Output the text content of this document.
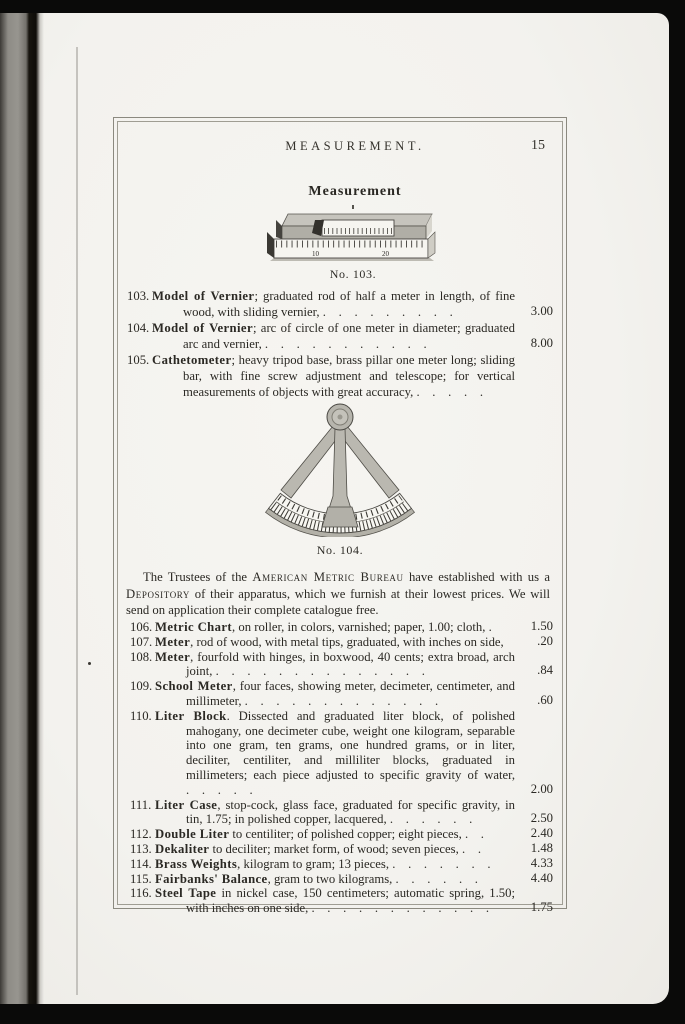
MEASUREMENT.	15
Measurement
10	20
No. 103.
103. Model of Vernier; graduated rod of half a meter in length, of fine wood, with sliding vernier, . . . . . . . . .	3.00
104. Model of Vernier; arc of circle of one meter in diameter; graduated arc and vernier, . . . . . . . . . . .	8.00
105. Cathetometer; heavy tripod base, brass pillar one meter long; sliding bar, with fine screw adjustment and telescope; for vertical measurements of objects with great accuracy, . . . . .
No. 104.
The Trustees of the American Metric Bureau have established with us a Depository of their apparatus, which we furnish at their lowest prices. We will send on application their complete catalogue free.
106. Metric Chart, on roller, in colors, varnished; paper, 1.00; cloth, .	1.50
107. Meter, rod of wood, with metal tips, graduated, with inches on side,	.20
108. Meter, fourfold with hinges, in boxwood, 40 cents; extra broad, arch joint, . . . . . . . . . . . . . .	.84
109. School Meter, four faces, showing meter, decimeter, centimeter, and millimeter, . . . . . . . . . . . . .	.60
110. Liter Block. Dissected and graduated liter block, of polished mahogany, one decimeter cube, weight one kilogram, separable into one gram, ten grams, one hundred grams, or in liter, deciliter, centiliter, and milliliter blocks, graduated in millimeters; each piece adjusted to specific gravity of water, . . . . .	2.00
111. Liter Case, stop-cock, glass face, graduated for specific gravity, in tin, 1.75; in polished copper, lacquered, . . . . . .	2.50
112. Double Liter to centiliter; of polished copper; eight pieces, . .	2.40
113. Dekaliter to deciliter; market form, of wood; seven pieces, . .	1.48
114. Brass Weights, kilogram to gram; 13 pieces, . . . . . . .	4.33
115. Fairbanks' Balance, gram to two kilograms, . . . . . .	4.40
116. Steel Tape in nickel case, 150 centimeters; automatic spring, 1.50; with inches on one side, . . . . . . . . . . . .	1.75
